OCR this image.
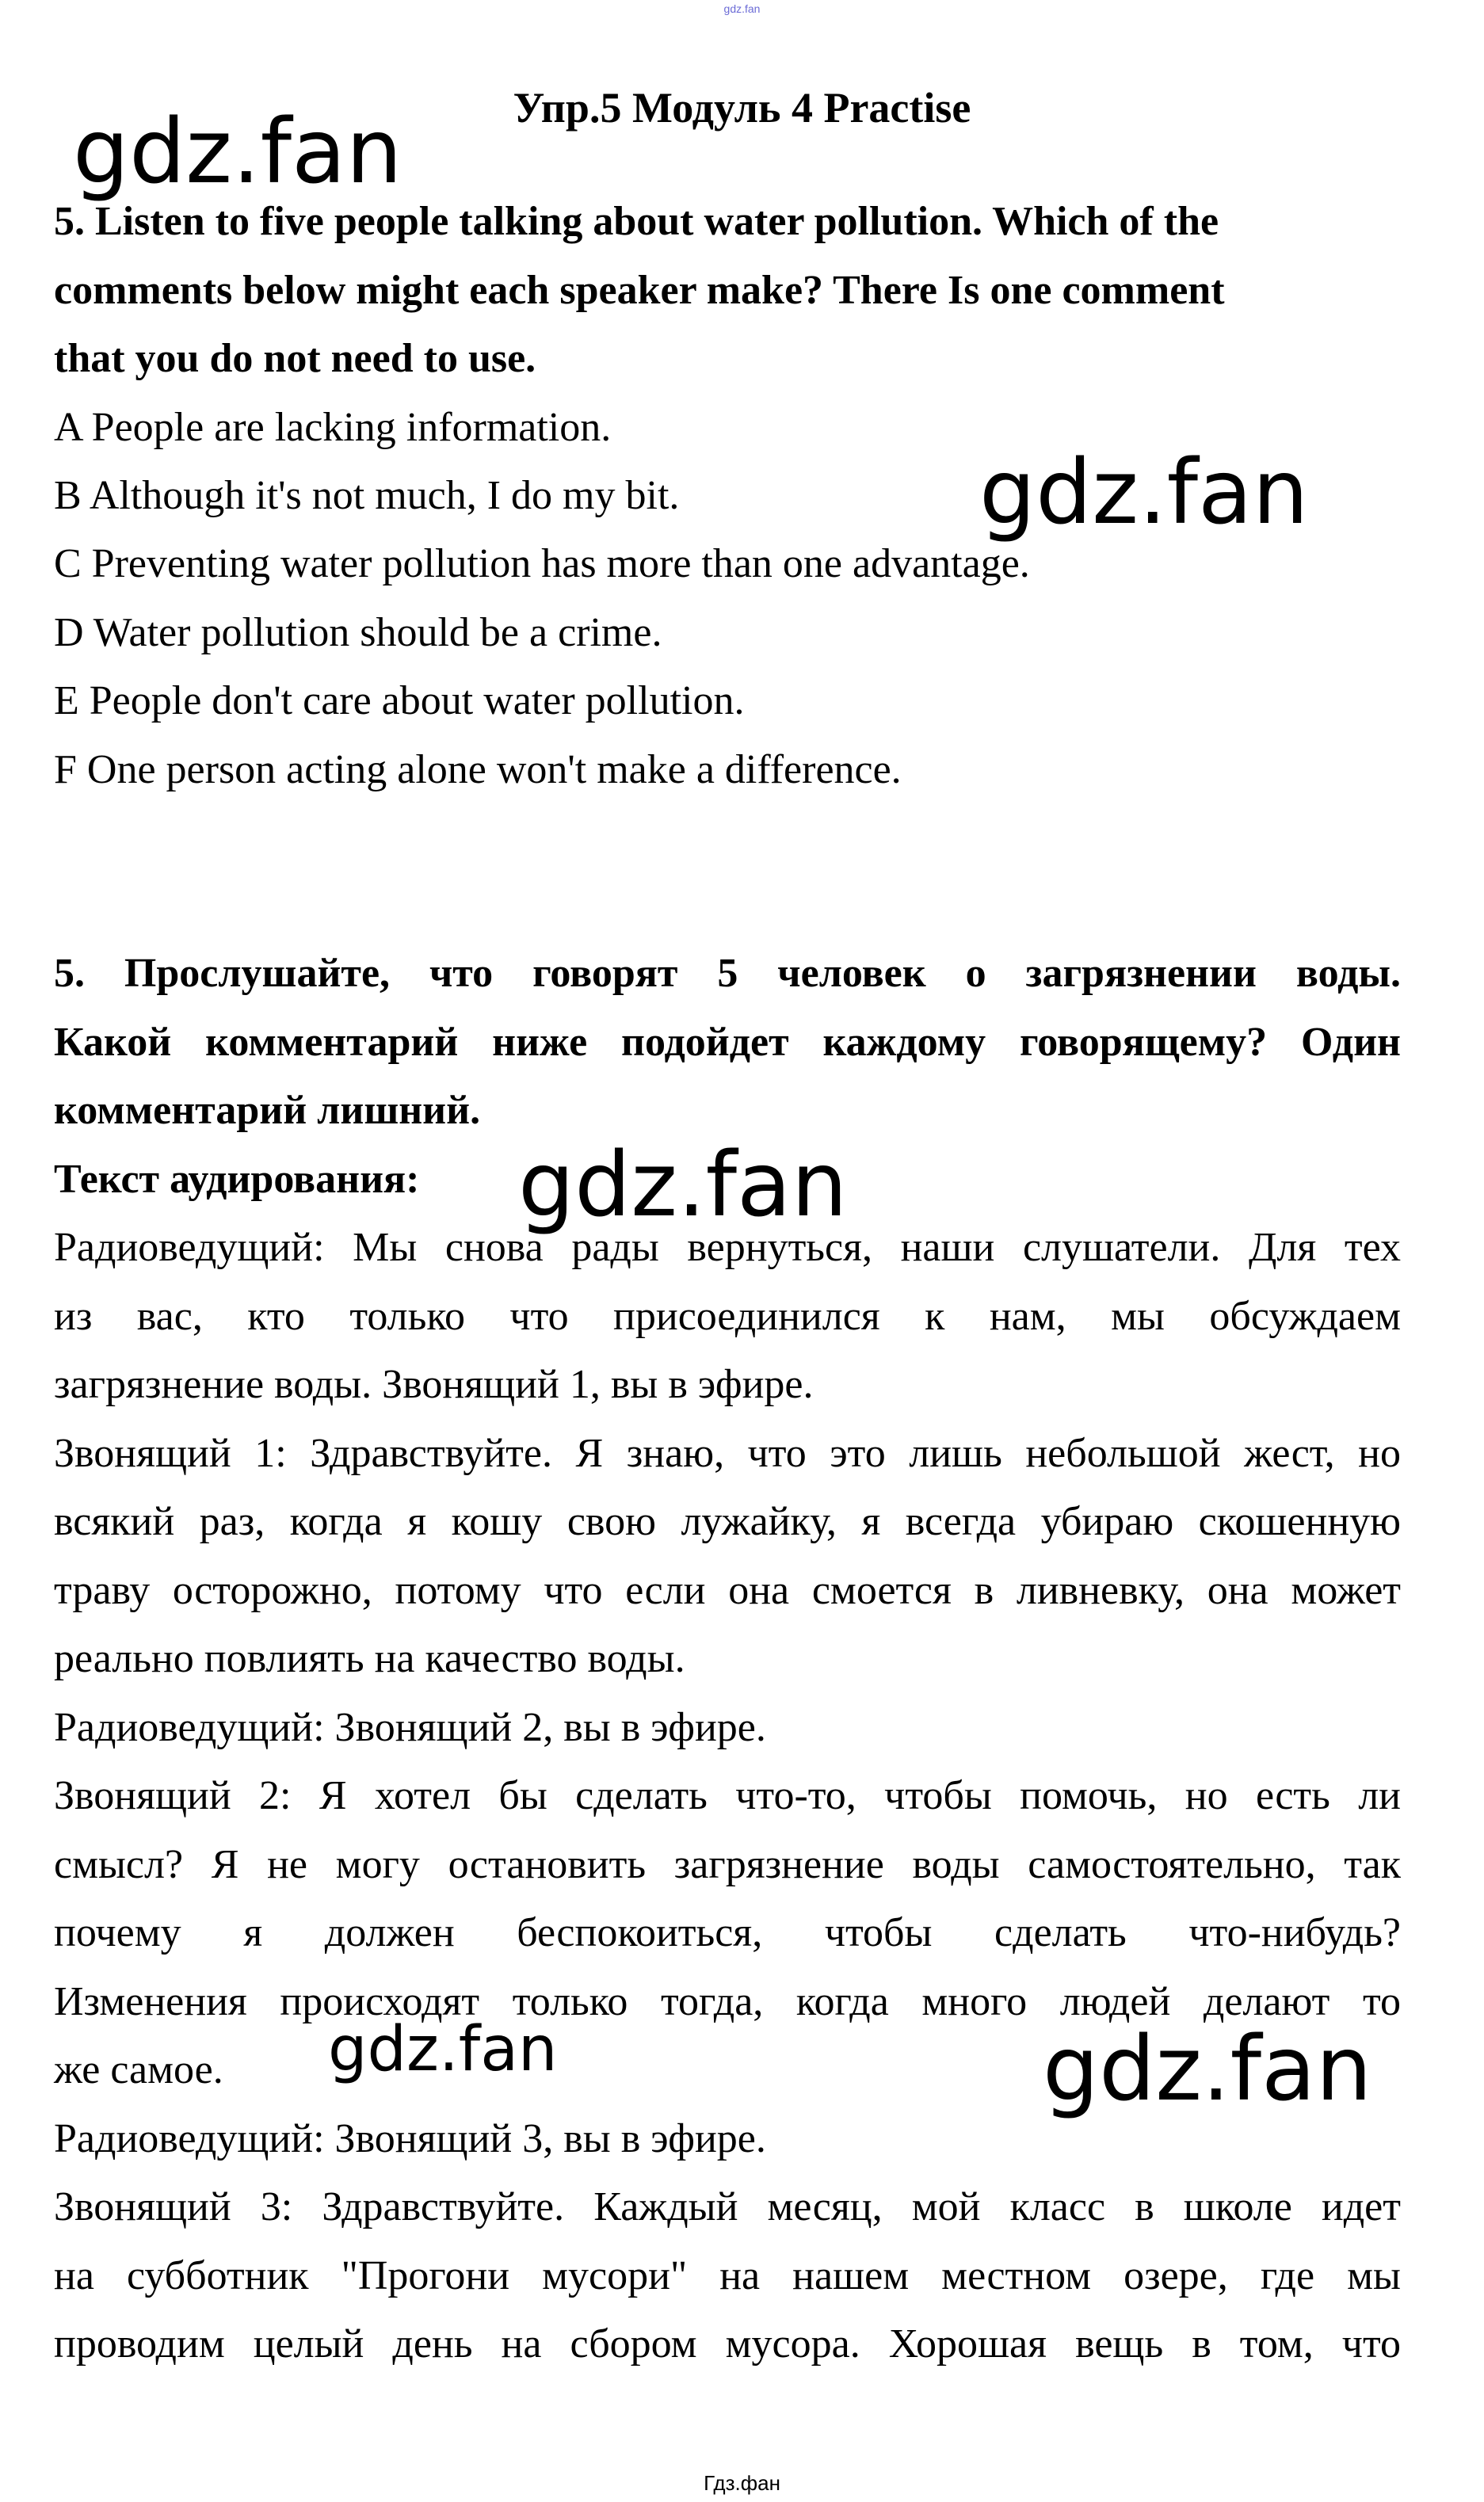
gdz.fan
Упр.5 Модуль 4 Practise
5. Listen to five people talking about water pollution. Which of the
comments below might each speaker make? There Is one comment
that you do not need to use.
A People are lacking information.
B Although it's not much, I do my bit.
C Preventing water pollution has more than one advantage.
D Water pollution should be a crime.
E People don't care about water pollution.
F One person acting alone won't make a difference.
5. Прослушайте, что говорят 5 человек о загрязнении воды.
Какой комментарий ниже подойдет каждому говорящему? Один
комментарий лишний.
Текст аудирования:
Радиоведущий: Мы снова рады вернуться, наши слушатели. Для тех
из вас, кто только что присоединился к нам, мы обсуждаем
загрязнение воды. Звонящий 1, вы в эфире.
Звонящий 1: Здравствуйте. Я знаю, что это лишь небольшой жест, но
всякий раз, когда я кошу свою лужайку, я всегда убираю скошенную
траву осторожно, потому что если она смоется в ливневку, она может
реально повлиять на качество воды.
Радиоведущий: Звонящий 2, вы в эфире.
Звонящий 2: Я хотел бы сделать что-то, чтобы помочь, но есть ли
смысл? Я не могу остановить загрязнение воды самостоятельно, так
почему я должен беспокоиться, чтобы сделать что-нибудь?
Изменения происходят только тогда, когда много людей делают то
же самое.
Радиоведущий: Звонящий 3, вы в эфире.
Звонящий 3: Здравствуйте. Каждый месяц, мой класс в школе идет
на субботник "Прогони мусори" на нашем местном озере, где мы
проводим целый день на сбором мусора. Хорошая вещь в том, что
gdz.fan
gdz.fan
gdz.fan
gdz.fan	gdz.fan
Гдз.фан
